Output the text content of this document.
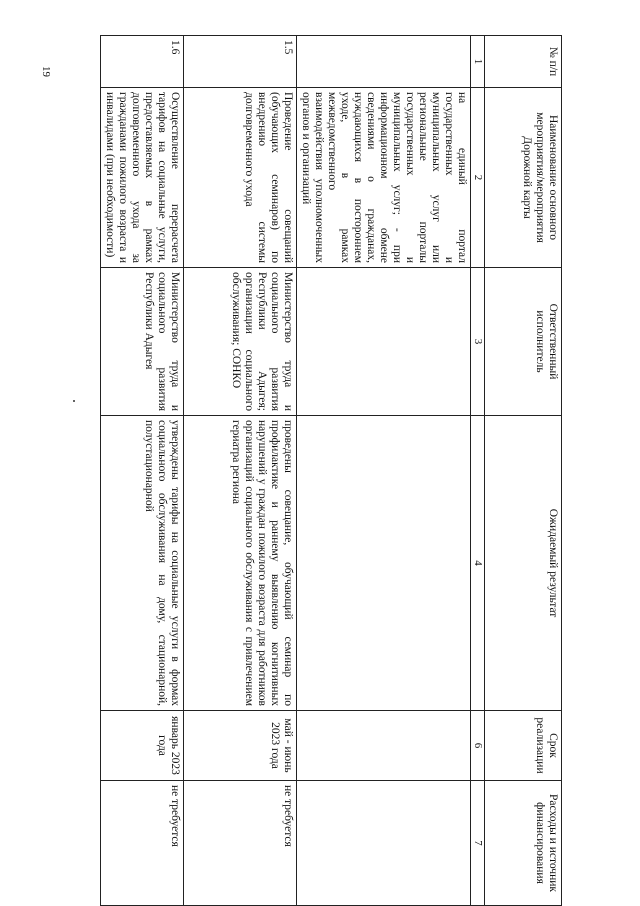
19	№ п/п	Наименование основного мероприятия/мероприятия Дорожной карты	Ответственный исполнитель	Ожидаемый результат	Срок реализации	Расходы и источник финансирования
1	2	3	4	6	7
	на единый портал государственных и муниципальных услуг или региональные порталы государственных и муниципальных услуг; - при информационном обмене сведениями о гражданах, нуждающихся в постороннем уходе, в рамках межведомственного взаимодействия уполномоченных органов и организаций				
1.5	Проведение совещаний (обучающих семинаров) по внедрению системы долговременного ухода	Министерство труда и социального развития Республики Адыгея; организации социального обслуживания; СОНКО	проведены совещание, обучающий семинар по профилактике и раннему выявлению когнитивных нарушений у граждан пожилого возраста для работников организаций социального обслуживания с привлечением гериатра региона	май - июнь 2023 года	не требуется
1.6	Осуществление перерасчета тарифов на социальные услуги, предоставляемых в рамках долговременного ухода за гражданами пожилого возраста и инвалидами (при необходимости)	Министерство труда и социального развития Республики Адыгея	утверждены тарифы на социальные услуги в формах социального обслуживания на дому, стационарной, полустационарной	январь 2023 года	не требуется
